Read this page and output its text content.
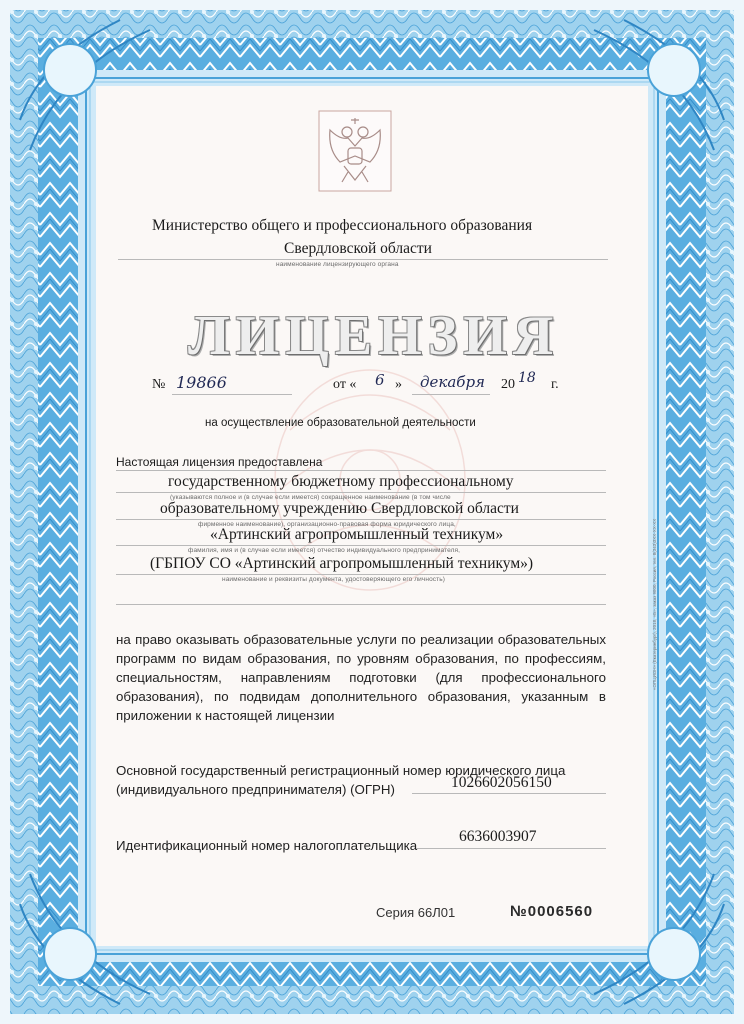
Министерство общего и профессионального образования
Свердловской области
наименование лицензирующего органа
ЛИЦЕНЗИЯ
№ 19866	от « 6 » декабря 20 18 г.
на осуществление образовательной деятельности
Настоящая лицензия предоставлена
государственному бюджетному профессиональному
(указываются полное и (в случае если имеется) сокращенное наименование (в том числе
образовательному учреждению Свердловской области
фирменное наименование), организационно-правовая форма юридического лица,
«Артинский агропромышленный техникум»
фамилия, имя и (в случае если имеется) отчество индивидуального предпринимателя,
(ГБПОУ СО «Артинский агропромышленный техникум»)
наименование и реквизиты документа, удостоверяющего его личность)
на право оказывать образовательные услуги по реализации образовательных
программ по видам образования, по уровням образования, по профессиям,
специальностям, направлениям подготовки (для профессионального
образования), по подвидам дополнительного образования, указанным в
приложении к настоящей лицензии
Основной государственный регистрационный номер юридического лица
(индивидуального предпринимателя) (ОГРН)	1026602056150
Идентификационный номер налогоплательщика
6636003907
Серия 66Л01	№0006560
«ОПЦИОН» (Екатеринбург), 2018, «Б», заказ 9800, Россия, тел. 8(343)3XX-XX-XX
